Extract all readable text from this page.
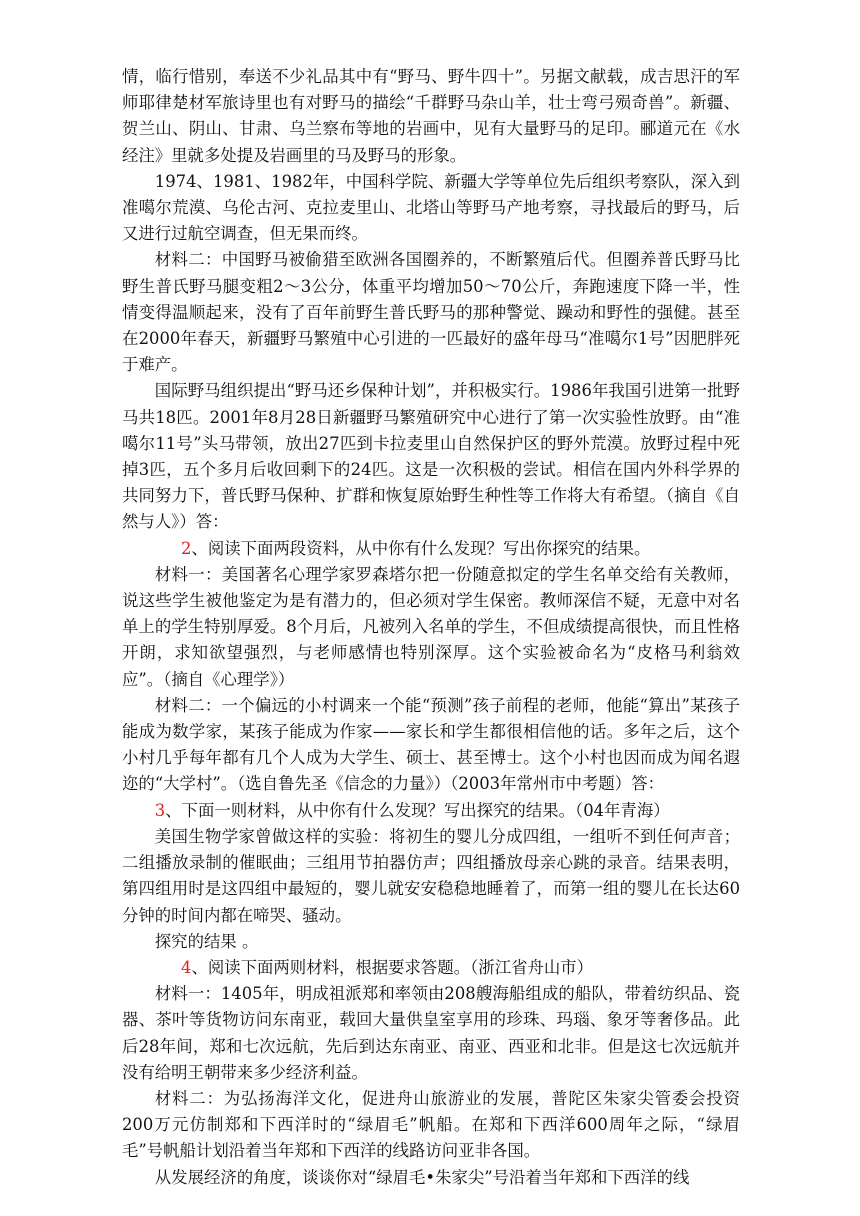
情，临行惜别，奉送不少礼品其中有“野马、野牛四十”。另据文献载，成吉思汗的军师耶律楚材军旅诗里也有对野马的描绘“千群野马杂山羊，壮士弯弓殒奇兽”。新疆、贺兰山、阴山、甘肃、乌兰察布等地的岩画中，见有大量野马的足印。郦道元在《水经注》里就多处提及岩画里的马及野马的形象。

1974、1981、1982年，中国科学院、新疆大学等单位先后组织考察队，深入到准噶尔荒漠、乌伦古河、克拉麦里山、北塔山等野马产地考察，寻找最后的野马，后又进行过航空调查，但无果而终。

材料二：中国野马被偷猎至欧洲各国圈养的，不断繁殖后代。但圈养普氏野马比野生普氏野马腿变粗2～3公分，体重平均增加50～70公斤，奔跑速度下降一半，性情变得温顺起来，没有了百年前野生普氏野马的那种警觉、躁动和野性的强健。甚至在2000年春天，新疆野马繁殖中心引进的一匹最好的盛年母马“准噶尔1号”因肥胖死于难产。

国际野马组织提出“野马还乡保种计划”，并积极实行。1986年我国引进第一批野马共18匹。2001年8月28日新疆野马繁殖研究中心进行了第一次实验性放野。由“准噶尔11号”头马带领，放出27匹到卡拉麦里山自然保护区的野外荒漠。放野过程中死掉3匹，五个多月后收回剩下的24匹。这是一次积极的尝试。相信在国内外科学界的共同努力下，普氏野马保种、扩群和恢复原始野生种性等工作将大有希望。（摘自《自然与人》）答：

2、阅读下面两段资料，从中你有什么发现？写出你探究的结果。

材料一：美国著名心理学家罗森塔尔把一份随意拟定的学生名单交给有关教师，说这些学生被他鉴定为是有潜力的，但必须对学生保密。教师深信不疑，无意中对名单上的学生特别厚爱。8个月后，凡被列入名单的学生，不但成绩提高很快，而且性格开朗，求知欲望强烈，与老师感情也特别深厚。这个实验被命名为“皮格马利翁效应”。（摘自《心理学》）

材料二：一个偏远的小村调来一个能“预测”孩子前程的老师，他能“算出”某孩子能成为数学家，某孩子能成为作家——家长和学生都很相信他的话。多年之后，这个小村几乎每年都有几个人成为大学生、硕士、甚至博士。这个小村也因而成为闻名遐迩的“大学村”。（选自鲁先圣《信念的力量》）（2003年常州市中考题）答：

3、下面一则材料，从中你有什么发现？写出探究的结果。（04年青海）

美国生物学家曾做这样的实验：将初生的婴儿分成四组，一组听不到任何声音；二组播放录制的催眠曲；三组用节拍器仿声；四组播放母亲心跳的录音。结果表明，第四组用时是这四组中最短的，婴儿就安安稳稳地睡着了，而第一组的婴儿在长达60分钟的时间内都在啼哭、骚动。

探究的结果 。

4、阅读下面两则材料，根据要求答题。（浙江省舟山市）

材料一：1405年，明成祖派郑和率领由208艘海船组成的船队，带着纺织品、瓷器、茶叶等货物访问东南亚，载回大量供皇室享用的珍珠、玛瑙、象牙等奢侈品。此后28年间，郑和七次远航，先后到达东南亚、南亚、西亚和北非。但是这七次远航并没有给明王朝带来多少经济利益。

材料二：为弘扬海洋文化，促进舟山旅游业的发展，普陀区朱家尖管委会投资200万元仿制郑和下西洋时的“绿眉毛”帆船。在郑和下西洋600周年之际，“绿眉毛”号帆船计划沿着当年郑和下西洋的线路访问亚非各国。

从发展经济的角度，谈谈你对“绿眉毛•朱家尖”号沿着当年郑和下西洋的线
